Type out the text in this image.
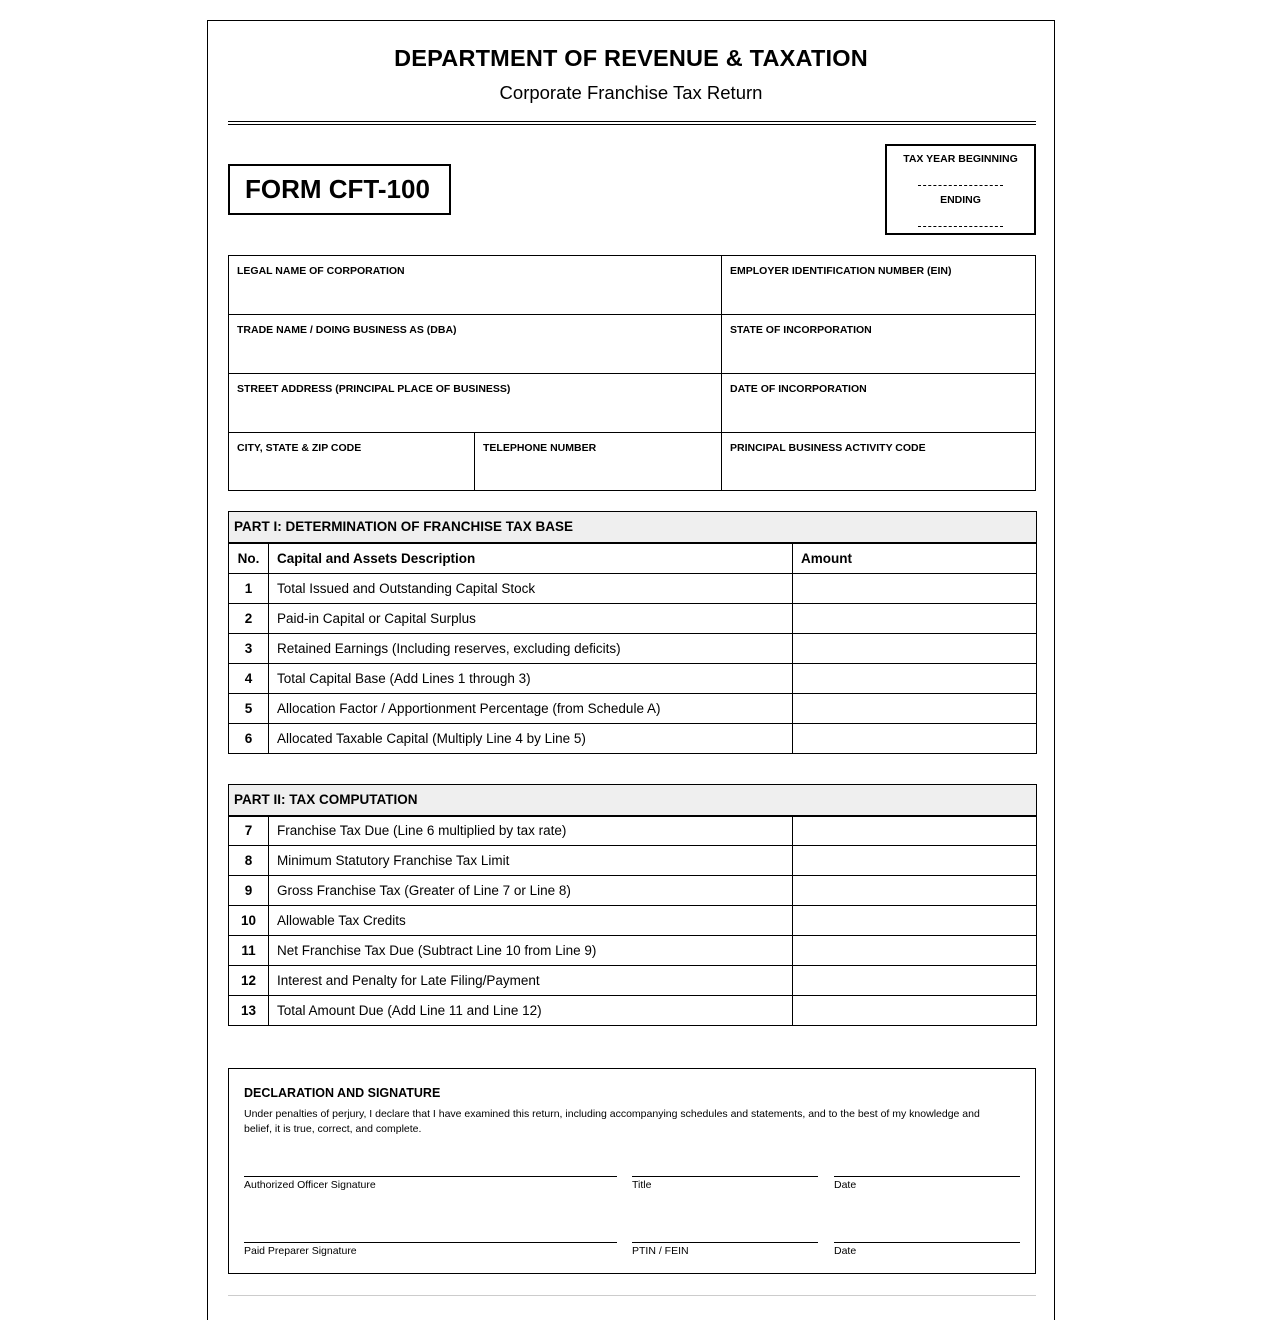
DEPARTMENT OF REVENUE & TAXATION
Corporate Franchise Tax Return
FORM CFT-100
TAX YEAR BEGINNING
ENDING
LEGAL NAME OF CORPORATION	EMPLOYER IDENTIFICATION NUMBER (EIN)
TRADE NAME / DOING BUSINESS AS (DBA)	STATE OF INCORPORATION
STREET ADDRESS (PRINCIPAL PLACE OF BUSINESS)	DATE OF INCORPORATION
CITY, STATE & ZIP CODE	TELEPHONE NUMBER	PRINCIPAL BUSINESS ACTIVITY CODE
PART I: DETERMINATION OF FRANCHISE TAX BASE		
No.	Capital and Assets Description	Amount
1	Total Issued and Outstanding Capital Stock	
2	Paid-in Capital or Capital Surplus	
3	Retained Earnings (Including reserves, excluding deficits)	
4	Total Capital Base (Add Lines 1 through 3)	
5	Allocation Factor / Apportionment Percentage (from Schedule A)	
6	Allocated Taxable Capital (Multiply Line 4 by Line 5)	
PART II: TAX COMPUTATION		
7	Franchise Tax Due (Line 6 multiplied by tax rate)	
8	Minimum Statutory Franchise Tax Limit	
9	Gross Franchise Tax (Greater of Line 7 or Line 8)	
10	Allowable Tax Credits	
11	Net Franchise Tax Due (Subtract Line 10 from Line 9)	
12	Interest and Penalty for Late Filing/Payment	
13	Total Amount Due (Add Line 11 and Line 12)	
DECLARATION AND SIGNATURE
Under penalties of perjury, I declare that I have examined this return, including accompanying schedules and statements, and to the best of my knowledge and belief, it is true, correct, and complete.
Authorized Officer Signature	Title	Date
Paid Preparer Signature	PTIN / FEIN	Date
